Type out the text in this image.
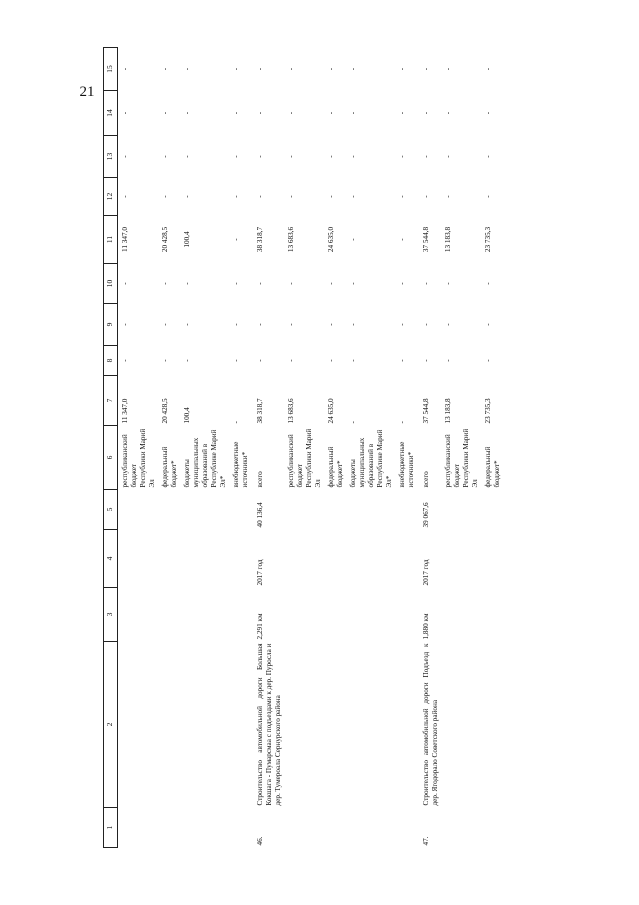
21
1	2	3	4	5	6	7	8	9	10	11	12	13	14	15
					республиканский бюджет Республики Марий Эл	11 347,0	-	-	-	11 347,0	-	-	-	-
					федеральный бюджет*	20 428,5	-	-	-	20 428,5	-	-	-	-
					бюджеты муниципальных образований в Республике Марий Эл*	100,4	-	-	-	100,4	-	-	-	-
					внебюджетные источники*	-	-	-	-	-	-	-	-	-
46.	Строительство автомобильной дороги Большая Кокшага - Пумарсмаа с подъездами к дер. Пуросла и дер. Тумероала Сернурского района	2,291 км	2017 год	40 136,4	всего	38 318,7	-	-	-	38 318,7	-	-	-	-
					республиканский бюджет Республики Марий Эл	13 683,6	-	-	-	13 683,6	-	-	-	-
					федеральный бюджет*	24 635,0	-	-	-	24 635,0	-	-	-	-
					бюджеты муниципальных образований в Республике Марий Эл*	-	-	-	-	-	-	-	-	-
					внебюджетные источники*	-	-	-	-	-	-	-	-	-
47.	Строительство автомобильной дороги Подъезд к дер. Ягодорало Советского района	1,880 км	2017 год	39 067,6	всего	37 544,8	-	-	-	37 544,8	-	-	-	-
					республиканский бюджет Республики Марий Эл	13 183,8	-	-	-	13 183,8	-	-	-	-
					федеральный бюджет*	23 735,3	-	-	-	23 735,3	-	-	-	-
